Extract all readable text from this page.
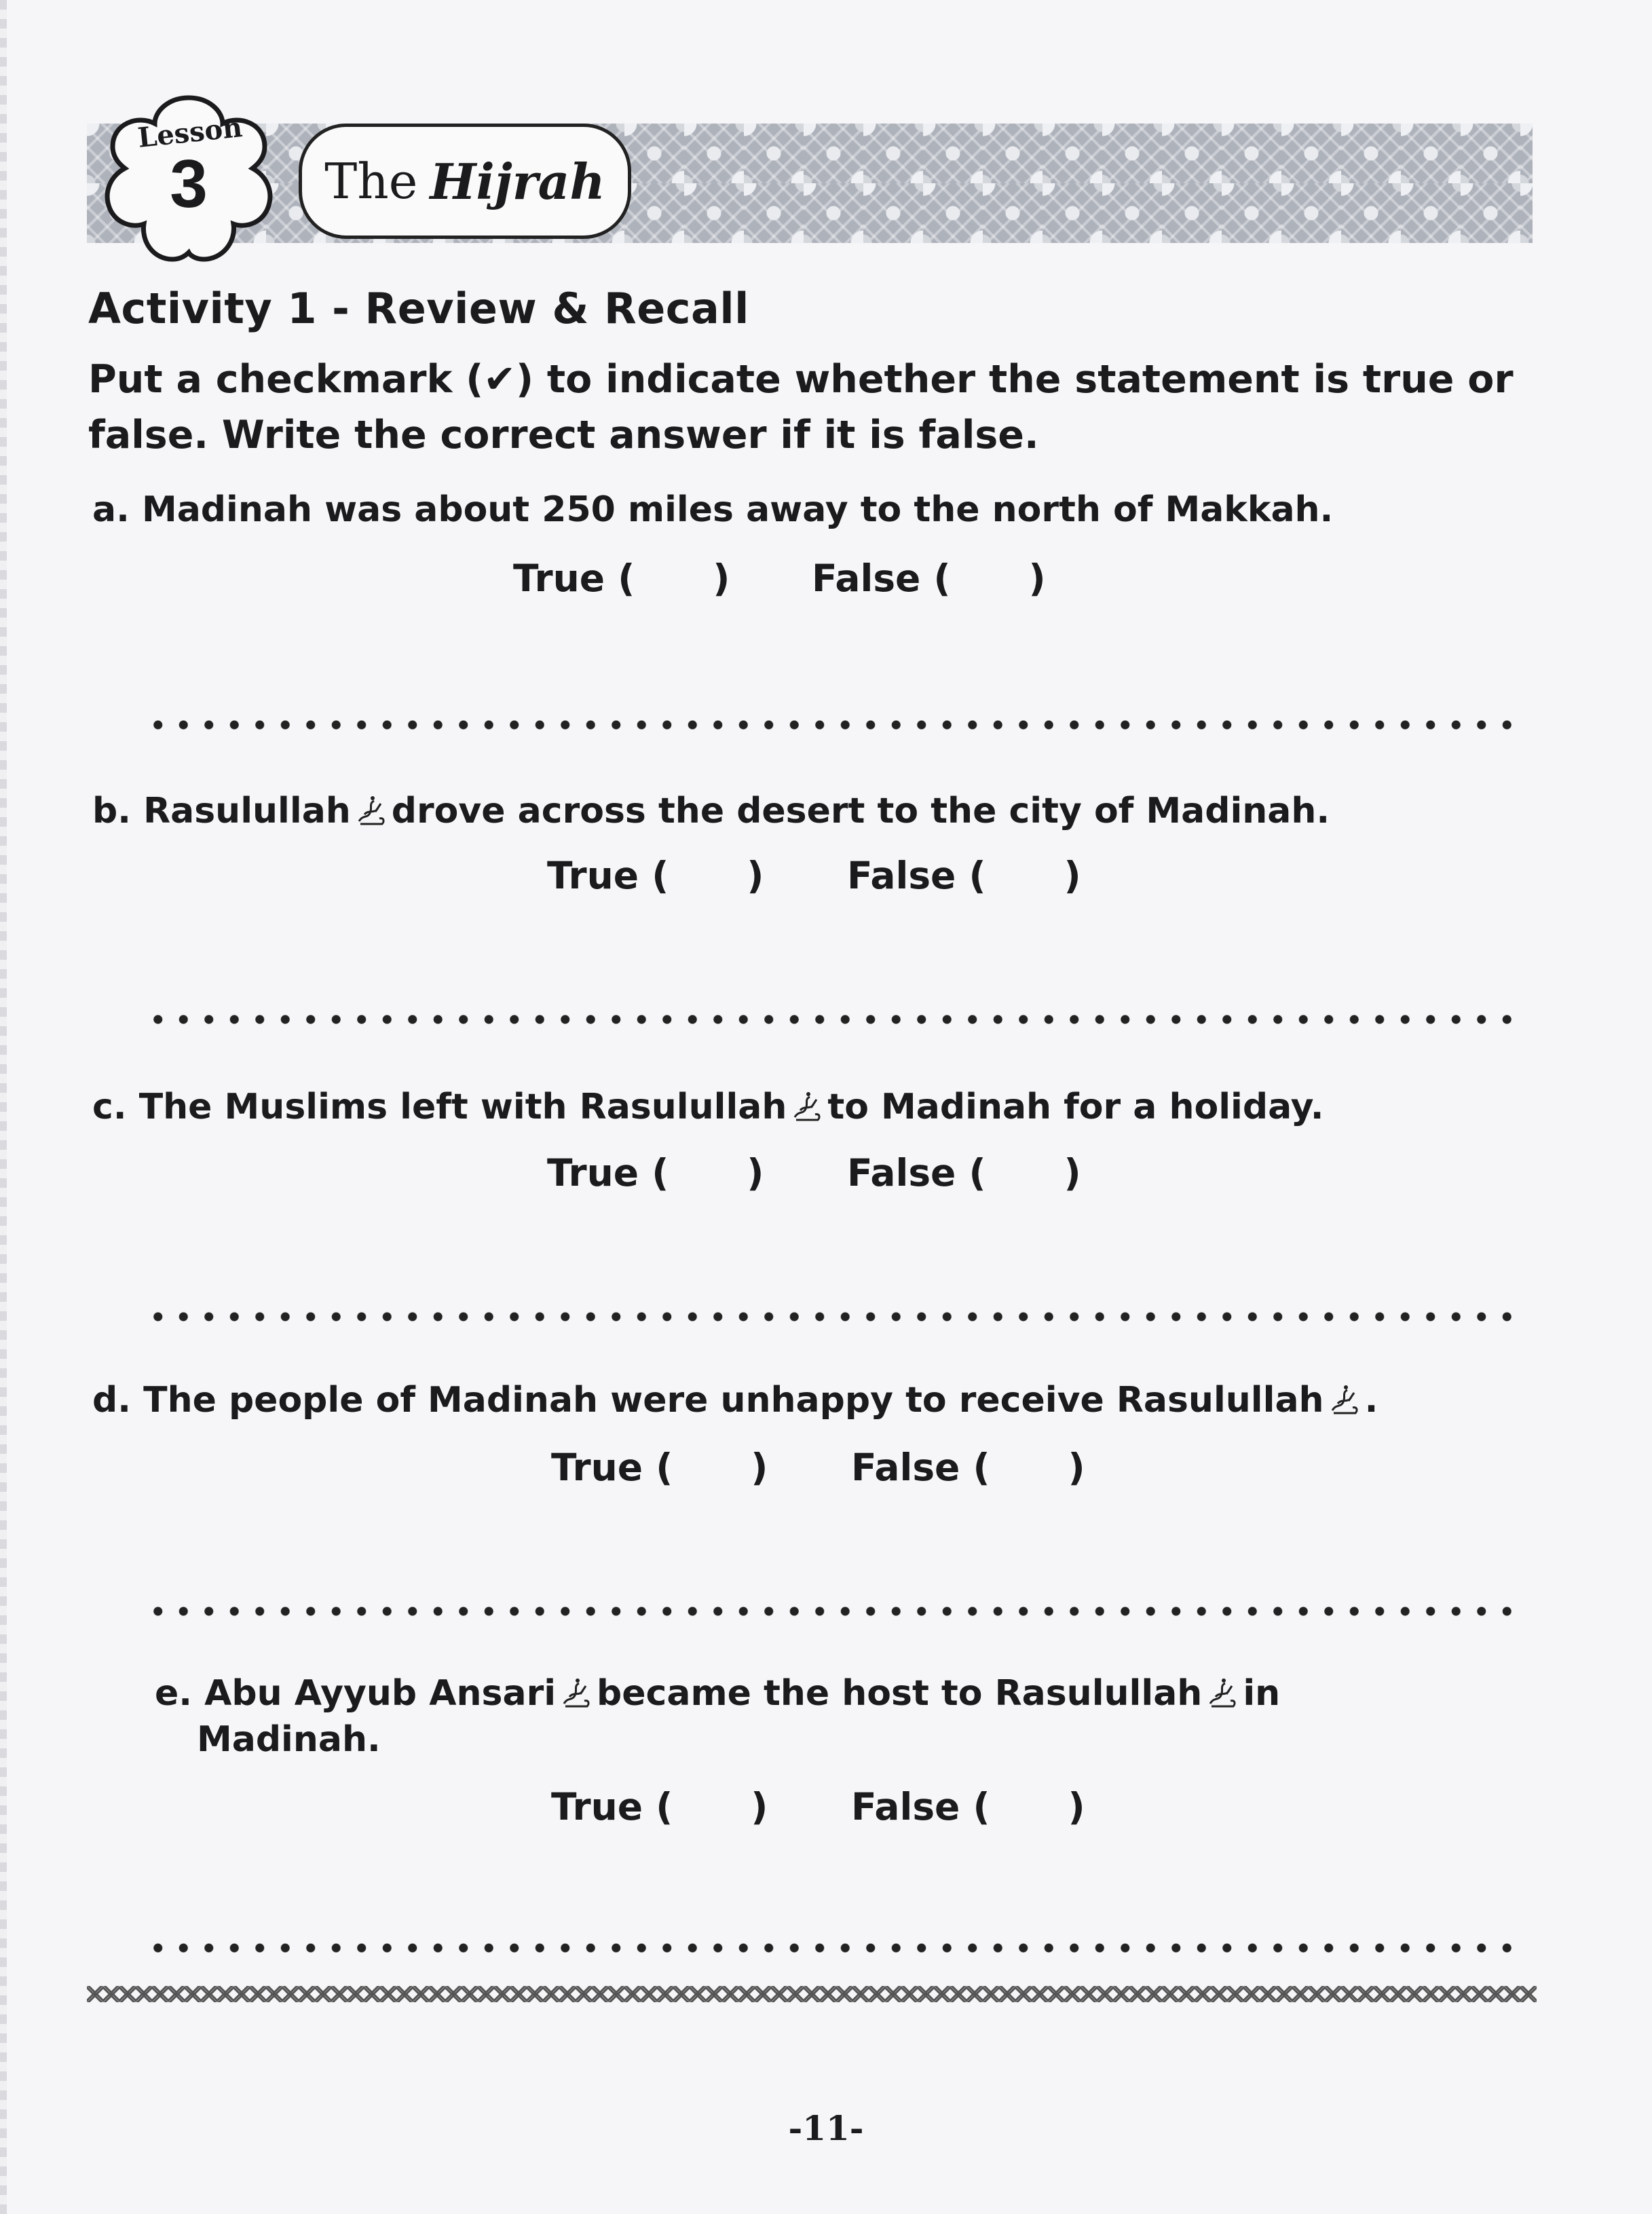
Lesson
3	The Hijrah
Activity 1 - Review & Recall
Put a checkmark (✔) to indicate whether the statement is true or false. Write the correct answer if it is false.
a. Madinah was about 250 miles away to the north of Makkah.
True (      ) False (      )
b. Rasulullah drove across the desert to the city of Madinah.
True (      ) False (      )
c. The Muslims left with Rasulullah to Madinah for a holiday.
True (      ) False (      )
d. The people of Madinah were unhappy to receive Rasulullah .
True (      ) False (      )
e. Abu Ayyub Ansari became the host to Rasulullah in
Madinah.
True (      ) False (      )
-11-
